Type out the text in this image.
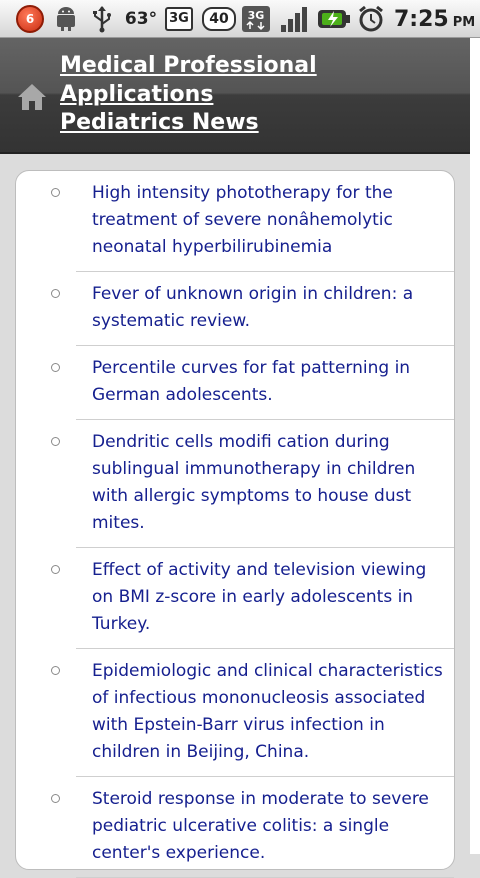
6	63° 3G	40	3G	7:25 PM
Medical Professional
Applications
Pediatrics News
High intensity phototherapy for the treatment of severe nonâhemolytic neonatal hyperbilirubinemia
Fever of unknown origin in children: a systematic review.
Percentile curves for fat patterning in German adolescents.
Dendritic cells modifi cation during sublingual immunotherapy in children with allergic symptoms to house dust mites.
Effect of activity and television viewing on BMI z-score in early adolescents in Turkey.
Epidemiologic and clinical characteristics of infectious mononucleosis associated with Epstein-Barr virus infection in children in Beijing, China.
Steroid response in moderate to severe pediatric ulcerative colitis: a single center's experience.
